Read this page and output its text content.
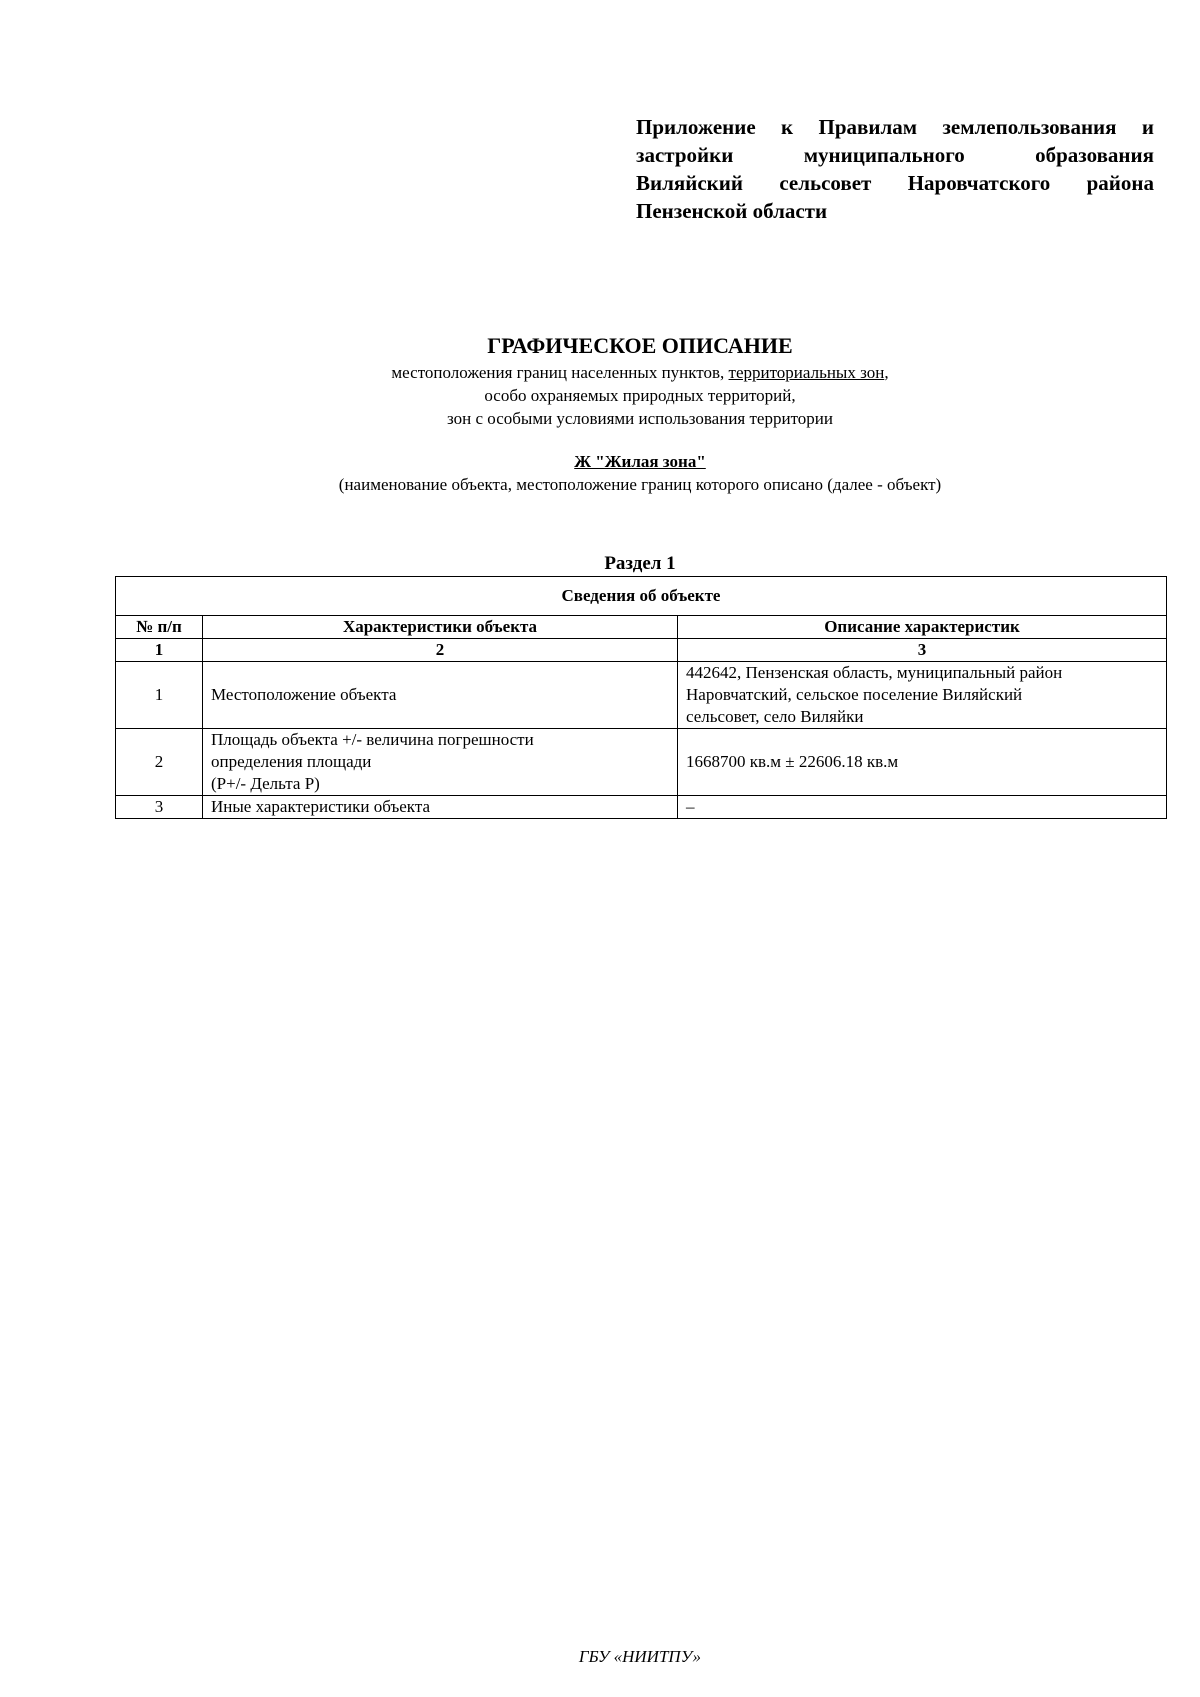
Приложение к Правилам землепользования и
застройки муниципального образования
Виляйский сельсовет Наровчатского района
Пензенской области
ГРАФИЧЕСКОЕ ОПИСАНИЕ
местоположения границ населенных пунктов, территориальных зон,
особо охраняемых природных территорий,
зон с особыми условиями использования территории
Ж "Жилая зона"
(наименование объекта, местоположение границ которого описано (далее - объект)
Раздел 1
Сведения об объекте		
№ п/п	Характеристики объекта	Описание характеристик
1	2	3
1	Местоположение объекта	442642, Пензенская область, муниципальный район
Наровчатский, сельское поселение Виляйский
сельсовет, село Виляйки

2	Площадь объекта +/- величина погрешности
определения площади
(Р+/- Дельта Р)	1668700 кв.м ± 22606.18 кв.м

3	Иные характеристики объекта	–
ГБУ «НИИТПУ»
